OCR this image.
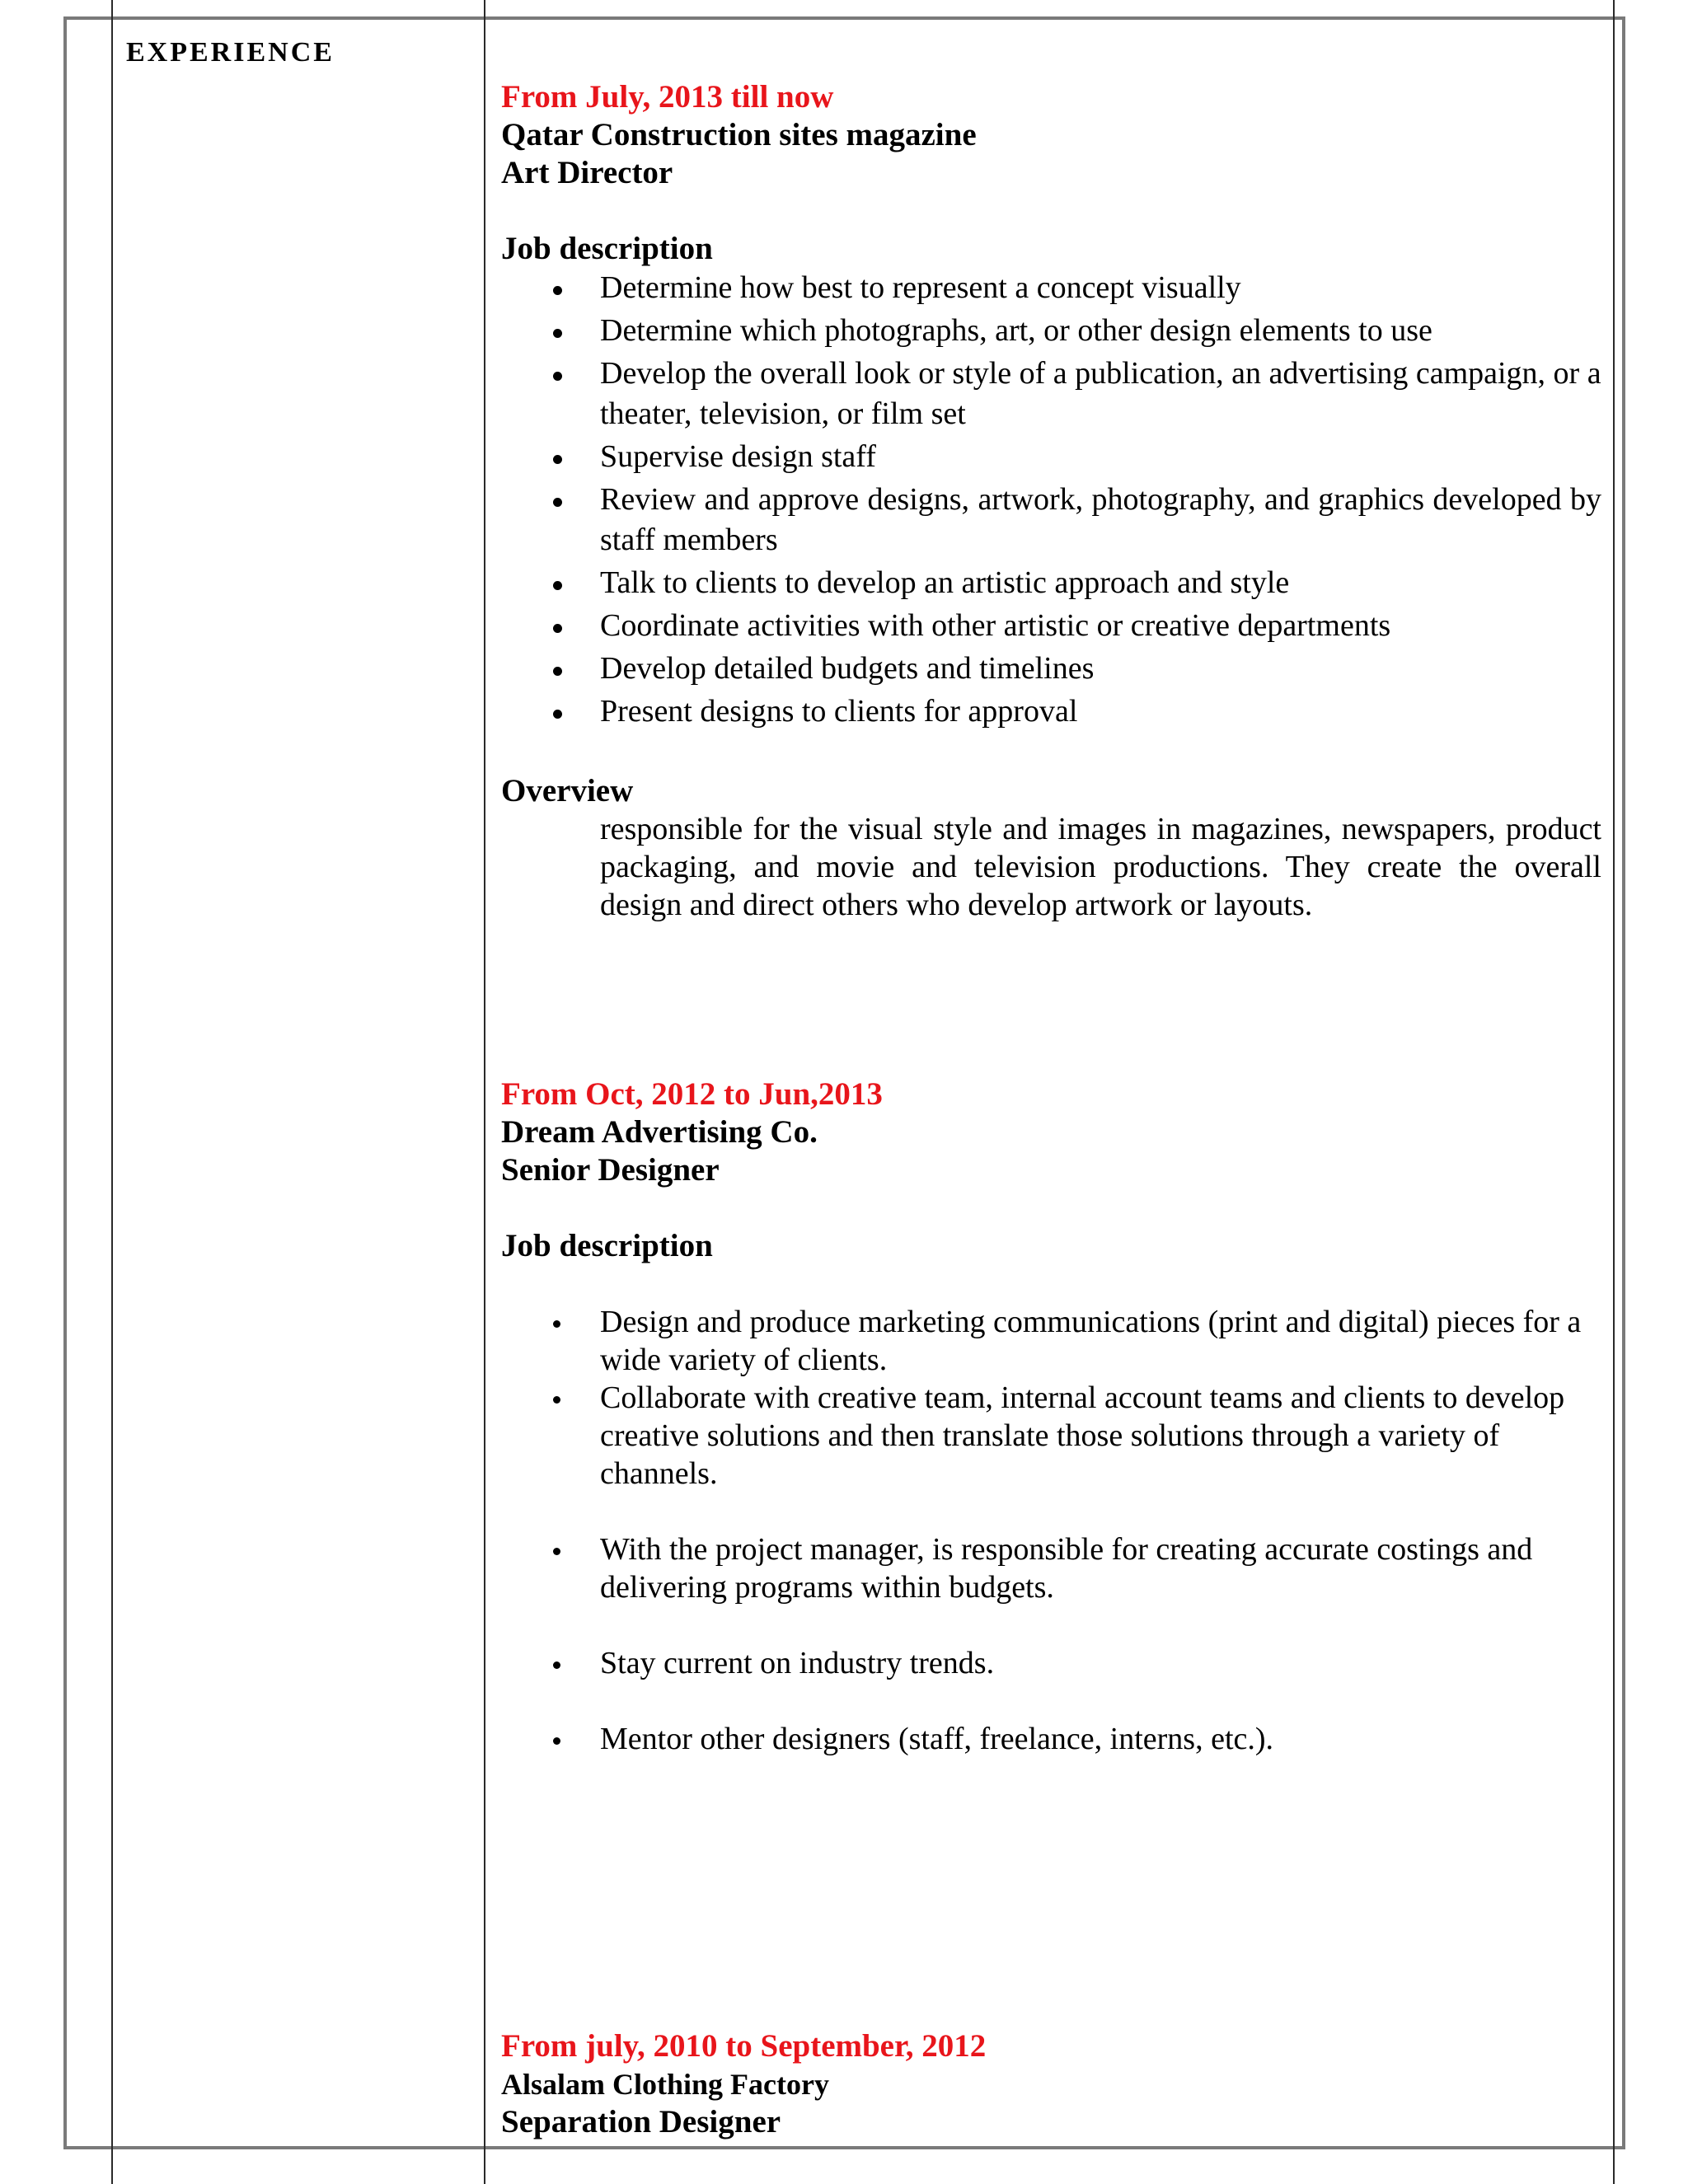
EXPERIENCE
From July, 2013 till now
Qatar Construction sites magazine
Art Director
Job description
Determine how best to represent a concept visually
Determine which photographs, art, or other design elements to use
Develop the overall look or style of a publication, an advertising campaign, or a theater, television, or film set
Supervise design staff
Review and approve designs, artwork, photography, and graphics developed by staff members
Talk to clients to develop an artistic approach and style
Coordinate activities with other artistic or creative departments
Develop detailed budgets and timelines
Present designs to clients for approval
Overview
responsible for the visual style and images in magazines, newspapers, product packaging, and movie and television productions. They create the overall design and direct others who develop artwork or layouts.
From Oct, 2012 to Jun,2013
Dream Advertising Co.
Senior Designer
Job description
Design and produce marketing communications (print and digital) pieces for a wide variety of clients.
Collaborate with creative team, internal account teams and clients to develop creative solutions and then translate those solutions through a variety of channels.
With the project manager, is responsible for creating accurate costings and delivering programs within budgets.
Stay current on industry trends.
Mentor other designers (staff, freelance, interns, etc.).
From july, 2010 to September, 2012
Alsalam Clothing Factory
Separation Designer
